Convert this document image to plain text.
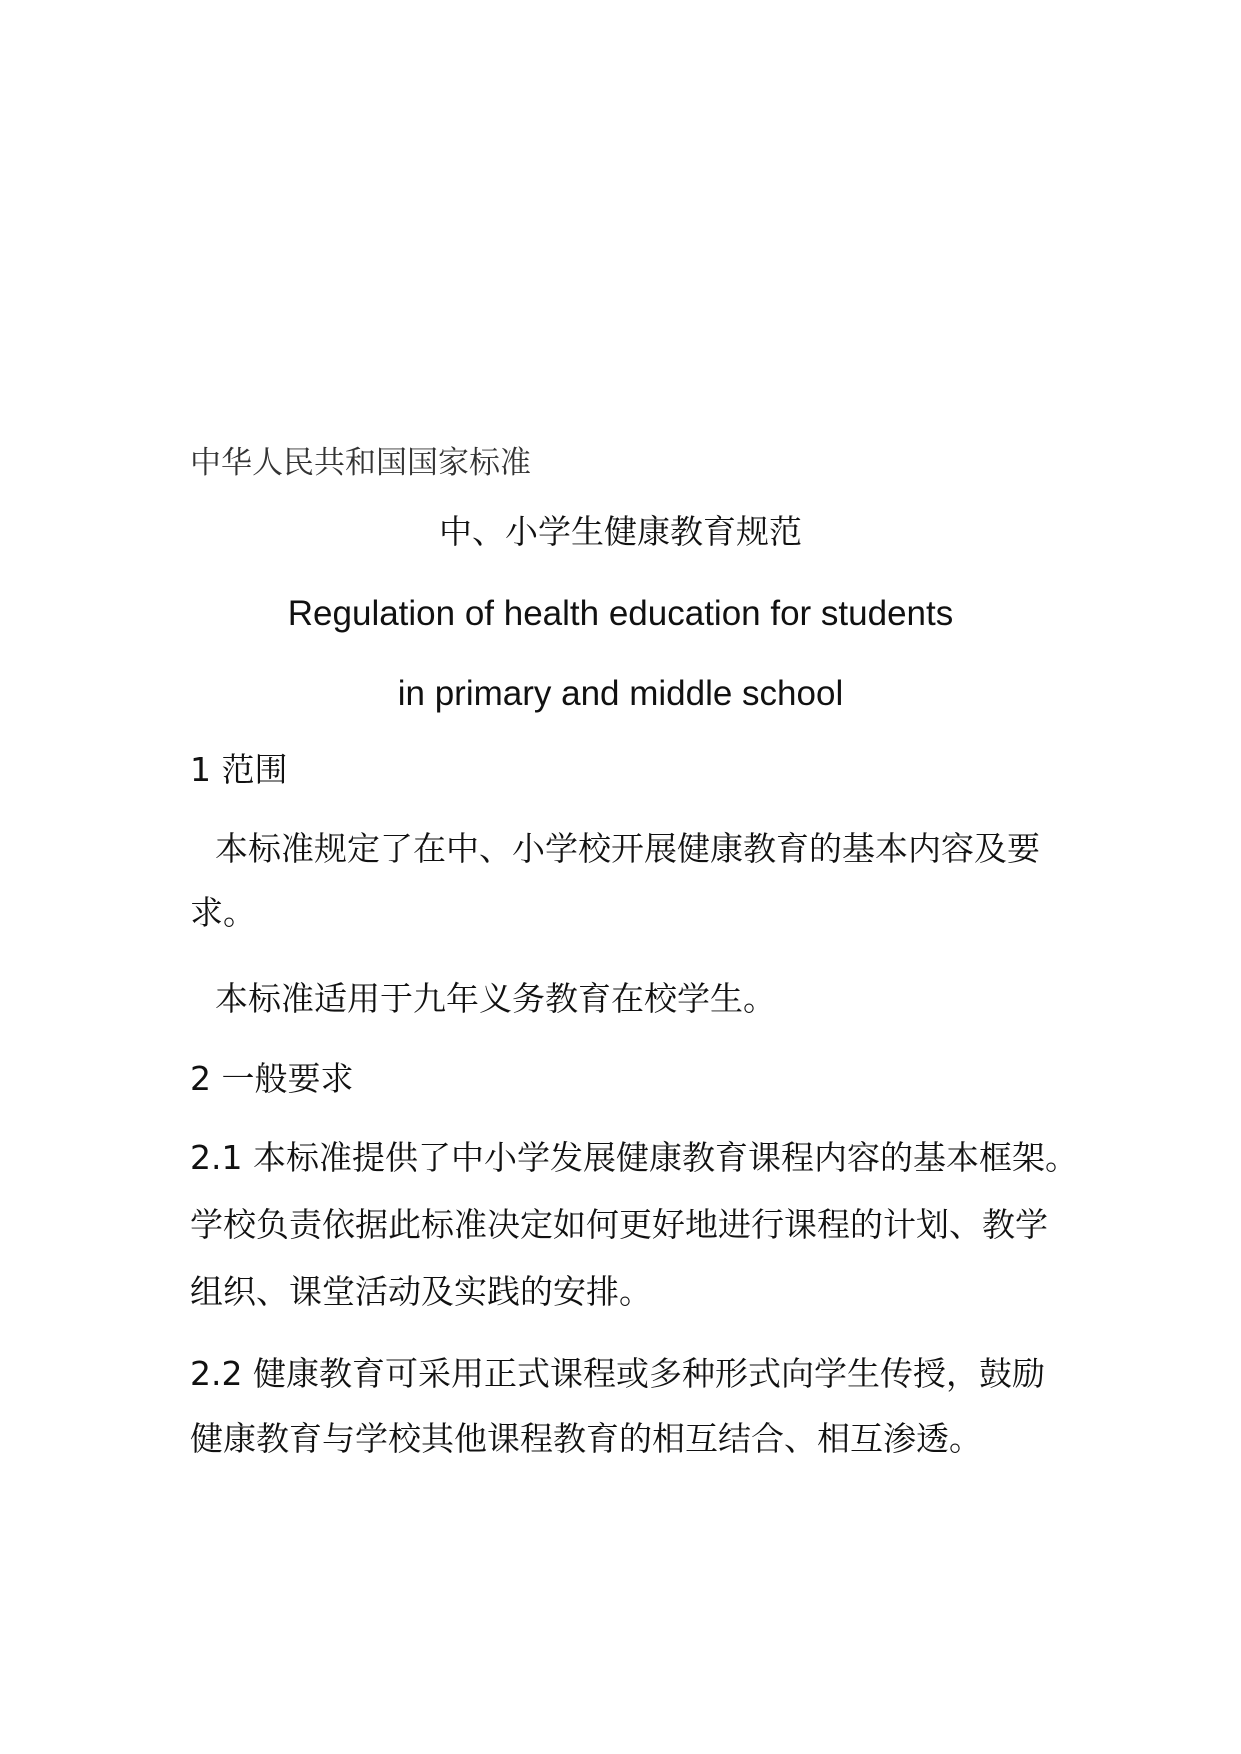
中华人民共和国国家标准
中、小学生健康教育规范
Regulation of health education for students
in primary and middle school
1 范围
本标准规定了在中、小学校开展健康教育的基本内容及要
求。
本标准适用于九年义务教育在校学生。
2 一般要求
2.1 本标准提供了中小学发展健康教育课程内容的基本框架。
学校负责依据此标准决定如何更好地进行课程的计划、教学
组织、课堂活动及实践的安排。
2.2 健康教育可采用正式课程或多种形式向学生传授，鼓励
健康教育与学校其他课程教育的相互结合、相互渗透。
